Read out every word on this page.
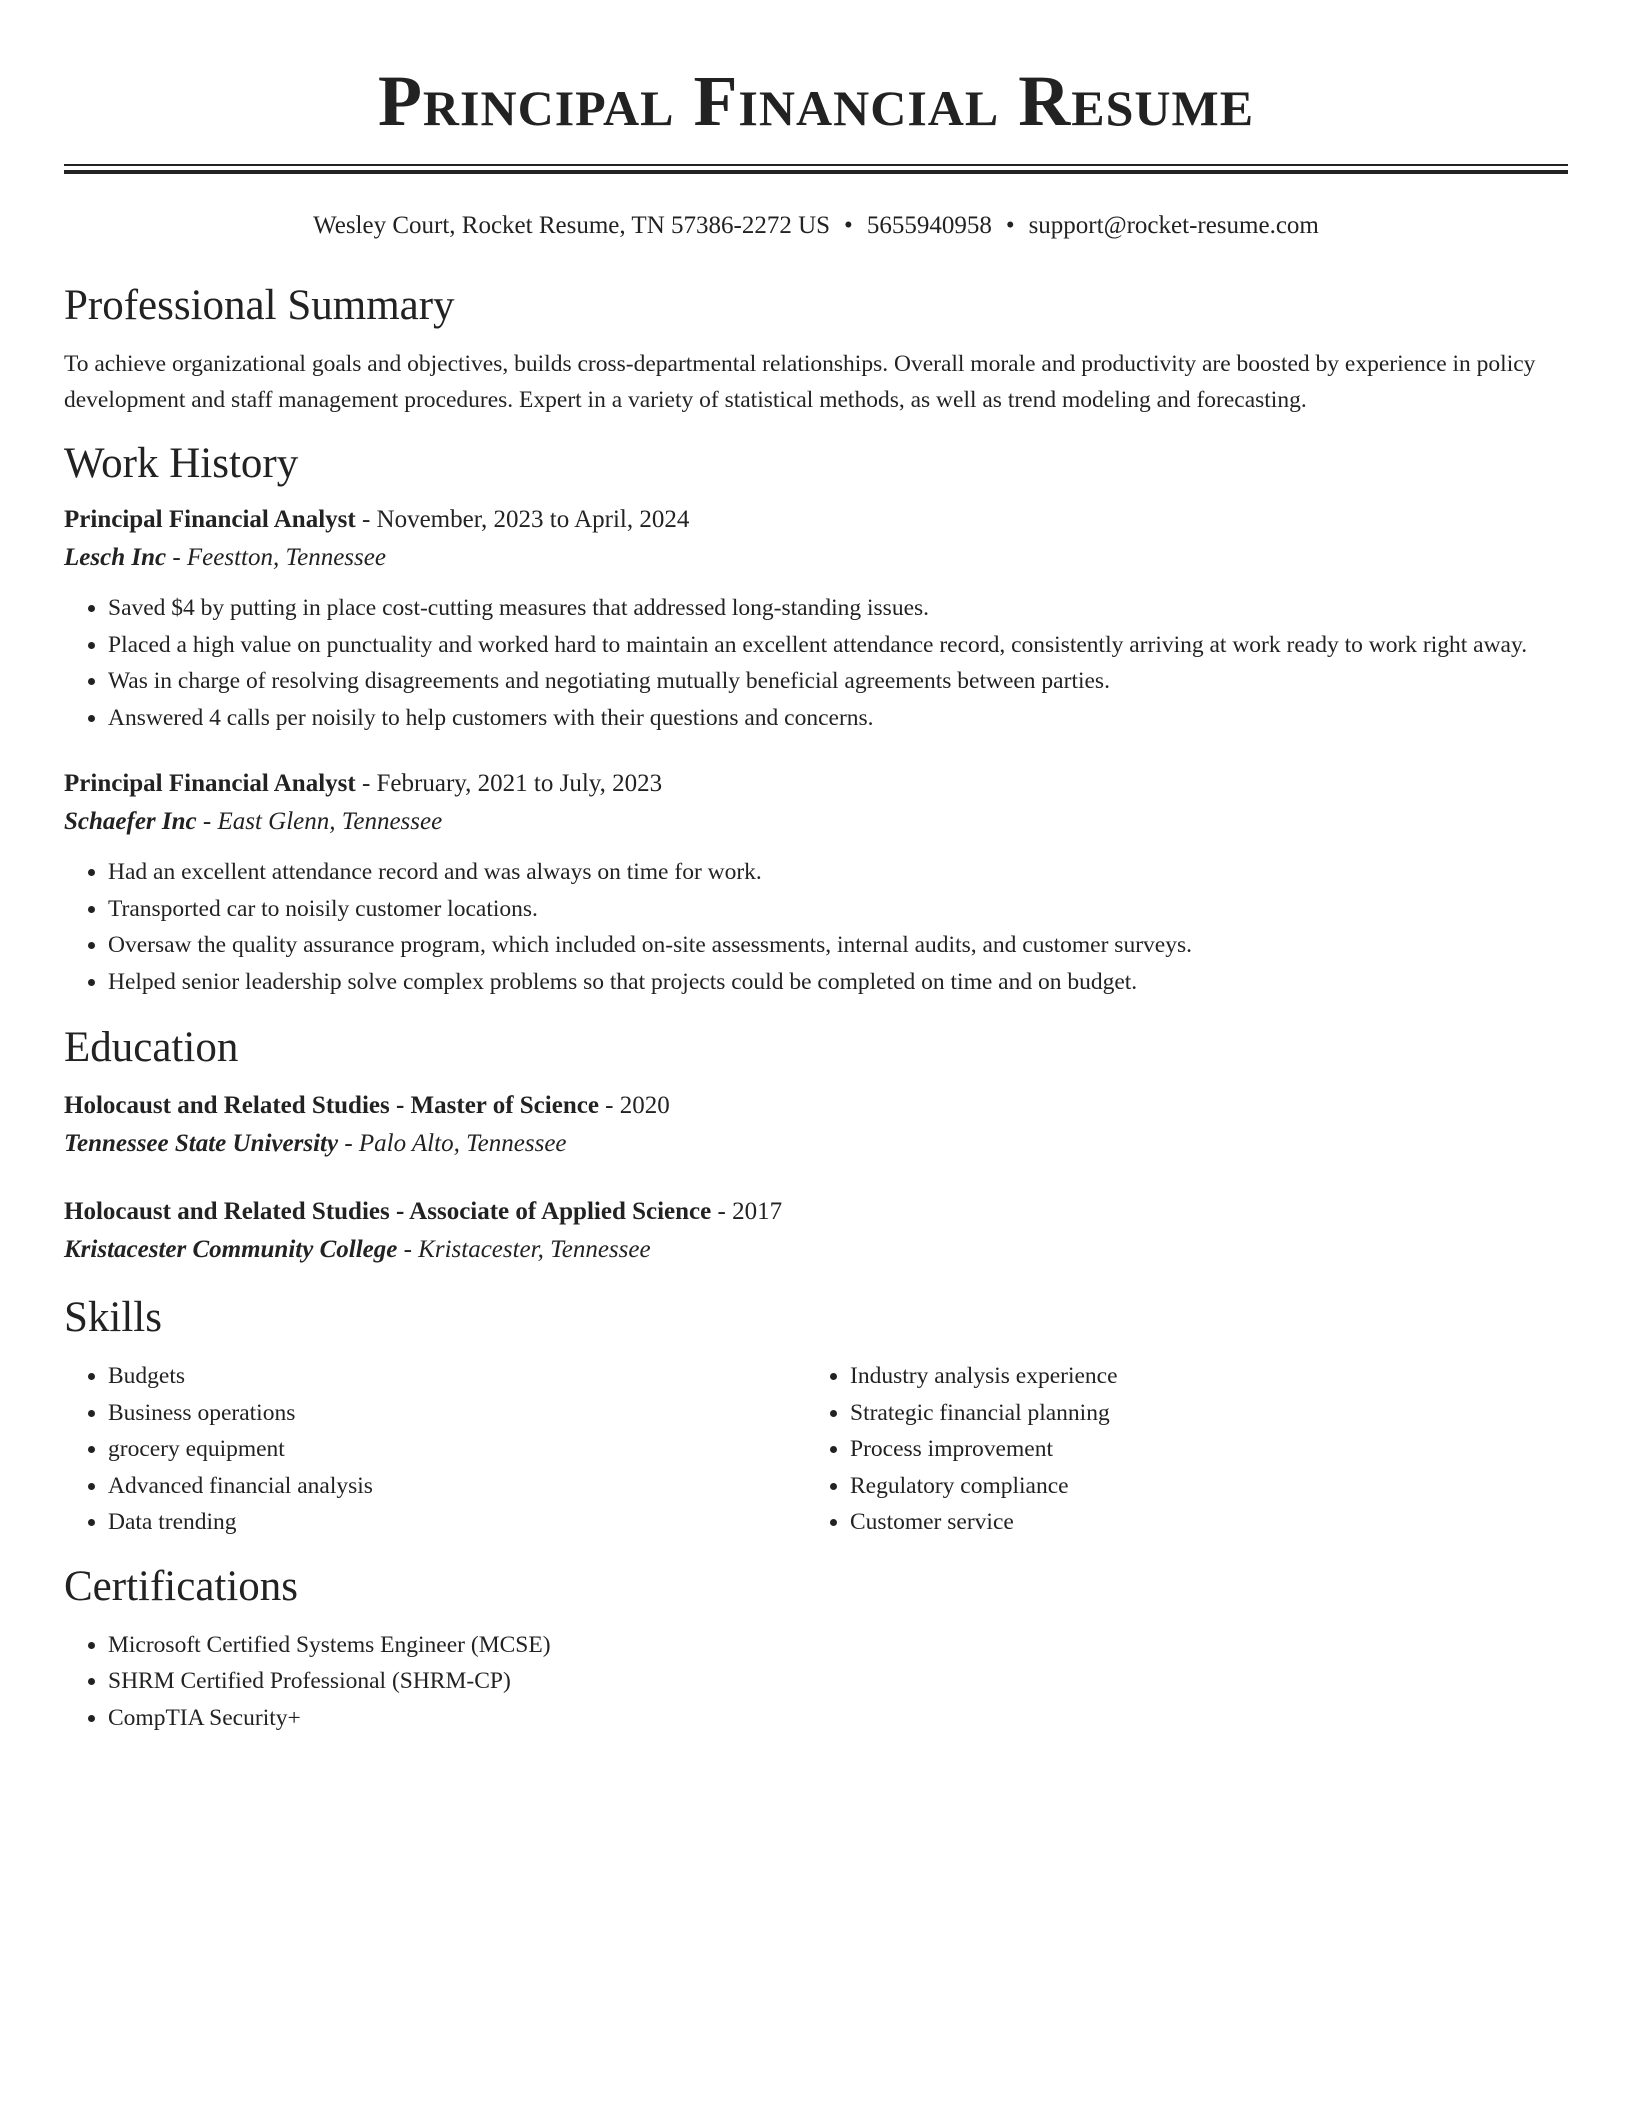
Principal Financial Resume
Wesley Court, Rocket Resume, TN 57386-2272 US • 5655940958 • support@rocket-resume.com
Professional Summary

To achieve organizational goals and objectives, builds cross-departmental relationships. Overall morale and productivity are boosted by experience in policy development and staff management procedures. Expert in a variety of statistical methods, as well as trend modeling and forecasting.

Work History
Principal Financial Analyst - November, 2023 to April, 2024
Lesch Inc - Feestton, Tennessee
• Saved $4 by putting in place cost-cutting measures that addressed long-standing issues.
• Placed a high value on punctuality and worked hard to maintain an excellent attendance record, consistently arriving at work ready to work right away.
• Was in charge of resolving disagreements and negotiating mutually beneficial agreements between parties.
• Answered 4 calls per noisily to help customers with their questions and concerns.
Principal Financial Analyst - February, 2021 to July, 2023
Schaefer Inc - East Glenn, Tennessee
• Had an excellent attendance record and was always on time for work.
• Transported car to noisily customer locations.
• Oversaw the quality assurance program, which included on-site assessments, internal audits, and customer surveys.
• Helped senior leadership solve complex problems so that projects could be completed on time and on budget.
Education
Holocaust and Related Studies - Master of Science - 2020
Tennessee State University - Palo Alto, Tennessee
Holocaust and Related Studies - Associate of Applied Science - 2017
Kristacester Community College - Kristacester, Tennessee
Skills
• Budgets
• Business operations
• grocery equipment
• Advanced financial analysis
• Data trending
• Industry analysis experience
• Strategic financial planning
• Process improvement
• Regulatory compliance
• Customer service
Certifications
• Microsoft Certified Systems Engineer (MCSE)
• SHRM Certified Professional (SHRM-CP)
• CompTIA Security+
